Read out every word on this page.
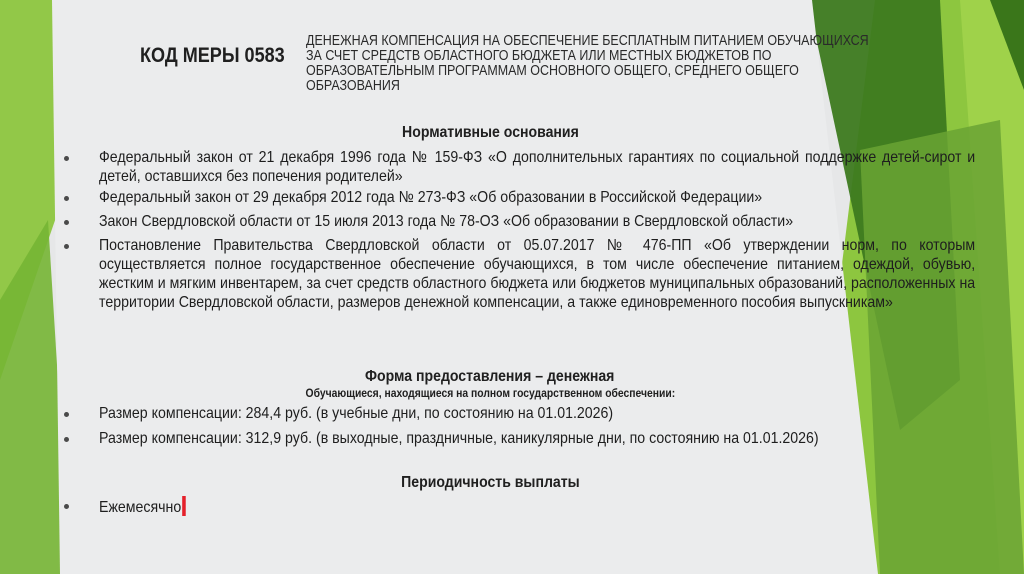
КОД МЕРЫ 0583
ДЕНЕЖНАЯ КОМПЕНСАЦИЯ НА ОБЕСПЕЧЕНИЕ БЕСПЛАТНЫМ ПИТАНИЕМ ОБУЧАЮЩИХСЯ ЗА СЧЕТ СРЕДСТВ ОБЛАСТНОГО БЮДЖЕТА ИЛИ МЕСТНЫХ БЮДЖЕТОВ ПО ОБРАЗОВАТЕЛЬНЫМ ПРОГРАММАМ ОСНОВНОГО ОБЩЕГО, СРЕДНЕГО ОБЩЕГО ОБРАЗОВАНИЯ
Нормативные основания
Федеральный закон от 21 декабря 1996 года № 159-ФЗ «О дополнительных гарантиях по социальной поддержке детей-сирот и детей, оставшихся без попечения родителей»
Федеральный закон от 29 декабря 2012 года № 273-ФЗ «Об образовании в Российской Федерации»
Закон Свердловской области от 15 июля 2013 года № 78-ОЗ «Об образовании в Свердловской области»
Постановление Правительства Свердловской области от 05.07.2017 № 476-ПП «Об утверждении норм, по которым осуществляется полное государственное обеспечение обучающихся, в том числе обеспечение питанием, одеждой, обувью, жестким и мягким инвентарем, за счет средств областного бюджета или бюджетов муниципальных образований, расположенных на территории Свердловской области, размеров денежной компенсации, а также единовременного пособия выпускникам»
Форма предоставления – денежная
Обучающиеся, находящиеся на полном государственном обеспечении:
Размер компенсации: 284,4 руб. (в учебные дни, по состоянию на 01.01.2026)
Размер компенсации: 312,9 руб. (в выходные, праздничные, каникулярные дни, по состоянию на 01.01.2026)
Периодичность выплаты
Ежемесячно
